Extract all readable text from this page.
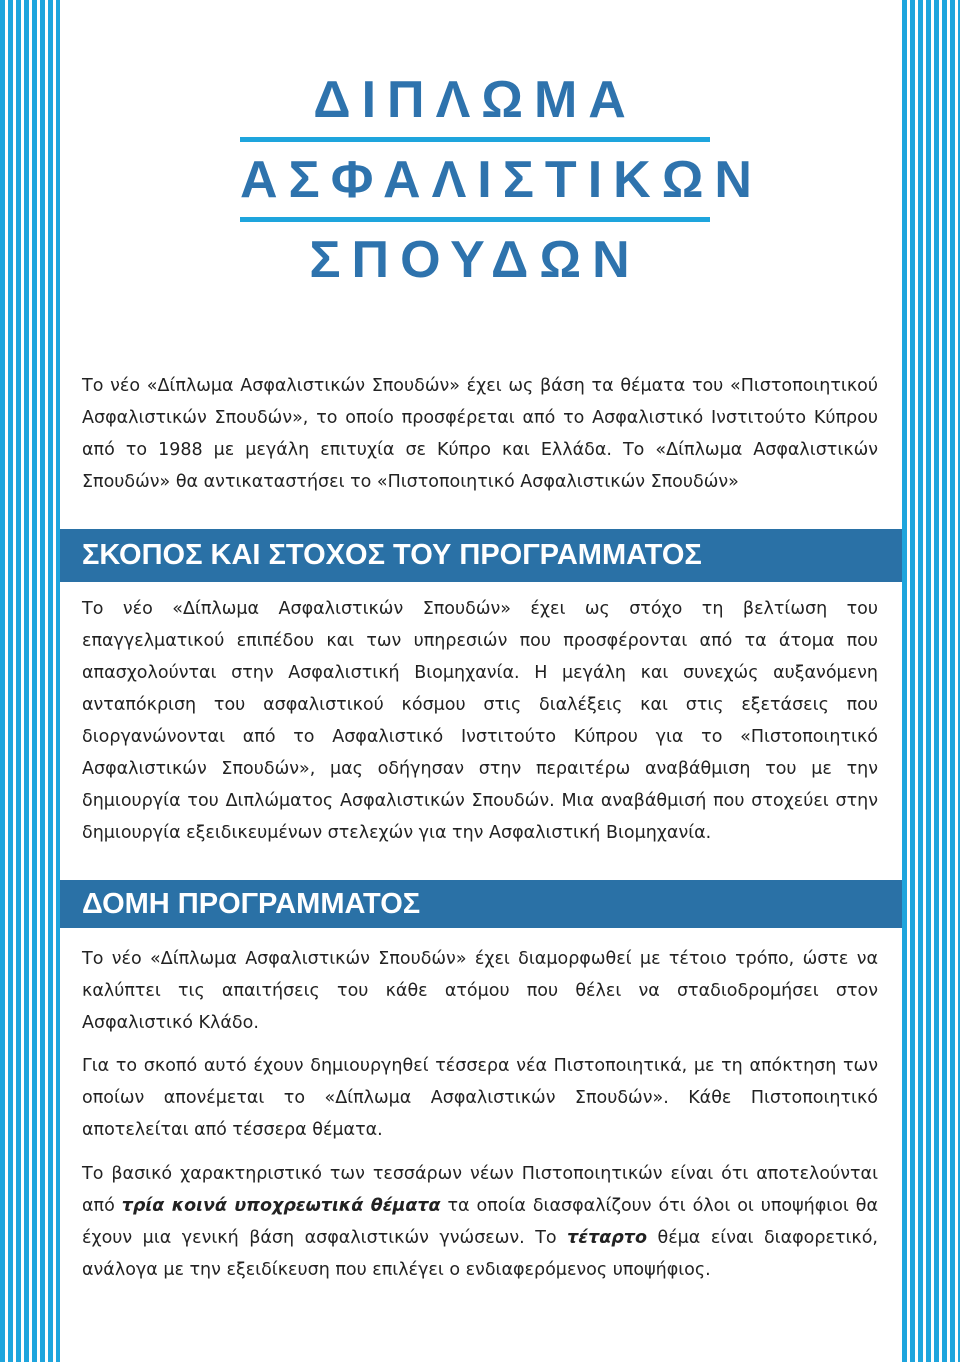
ΔΙΠΛΩΜΑ
ΑΣΦΑΛΙΣΤΙΚΩΝ
ΣΠΟΥΔΩΝ

Το νέο «Δίπλωμα Ασφαλιστικών Σπουδών» έχει ως βάση τα θέματα του «Πιστοποιητικού Ασφαλιστικών Σπουδών», το οποίο προσφέρεται από το Ασφαλιστικό Ινστιτούτο Κύπρου από το 1988 με μεγάλη επιτυχία σε Κύπρο και Ελλάδα. Το «Δίπλωμα Ασφαλιστικών Σπουδών» θα αντικαταστήσει το «Πιστοποιητικό Ασφαλιστικών Σπουδών»

ΣΚΟΠΟΣ ΚΑΙ ΣΤΟΧΟΣ ΤΟΥ ΠΡΟΓΡΑΜΜΑΤΟΣ

Το νέο «Δίπλωμα Ασφαλιστικών Σπουδών» έχει ως στόχο τη βελτίωση του επαγγελματικού επιπέδου και των υπηρεσιών που προσφέρονται από τα άτομα που απασχολούνται στην Ασφαλιστική Βιομηχανία. Η μεγάλη και συνεχώς αυξανόμενη ανταπόκριση του ασφαλιστικού κόσμου στις διαλέξεις και στις εξετάσεις που διοργανώνονται από το Ασφαλιστικό Ινστιτούτο Κύπρου για το «Πιστοποιητικό Ασφαλιστικών Σπουδών», μας οδήγησαν στην περαιτέρω αναβάθμιση του με την δημιουργία του Διπλώματος Ασφαλιστικών Σπουδών. Μια αναβάθμισή που στοχεύει στην δημιουργία εξειδικευμένων στελεχών για την Ασφαλιστική Βιομηχανία.

ΔΟΜΗ ΠΡΟΓΡΑΜΜΑΤΟΣ

Το νέο «Δίπλωμα Ασφαλιστικών Σπουδών» έχει διαμορφωθεί με τέτοιο τρόπο, ώστε να καλύπτει τις απαιτήσεις του κάθε ατόμου που θέλει να σταδιοδρομήσει στον Ασφαλιστικό Κλάδο.

Για το σκοπό αυτό έχουν δημιουργηθεί τέσσερα νέα Πιστοποιητικά, με τη απόκτηση των οποίων απονέμεται το «Δίπλωμα Ασφαλιστικών Σπουδών». Κάθε Πιστοποιητικό αποτελείται από τέσσερα θέματα.

Το βασικό χαρακτηριστικό των τεσσάρων νέων Πιστοποιητικών είναι ότι αποτελούνται από τρία κοινά υποχρεωτικά θέματα τα οποία διασφαλίζουν ότι όλοι οι υποψήφιοι θα έχουν μια γενική βάση ασφαλιστικών γνώσεων. Το τέταρτο θέμα είναι διαφορετικό, ανάλογα με την εξειδίκευση που επιλέγει ο ενδιαφερόμενος υποψήφιος.
